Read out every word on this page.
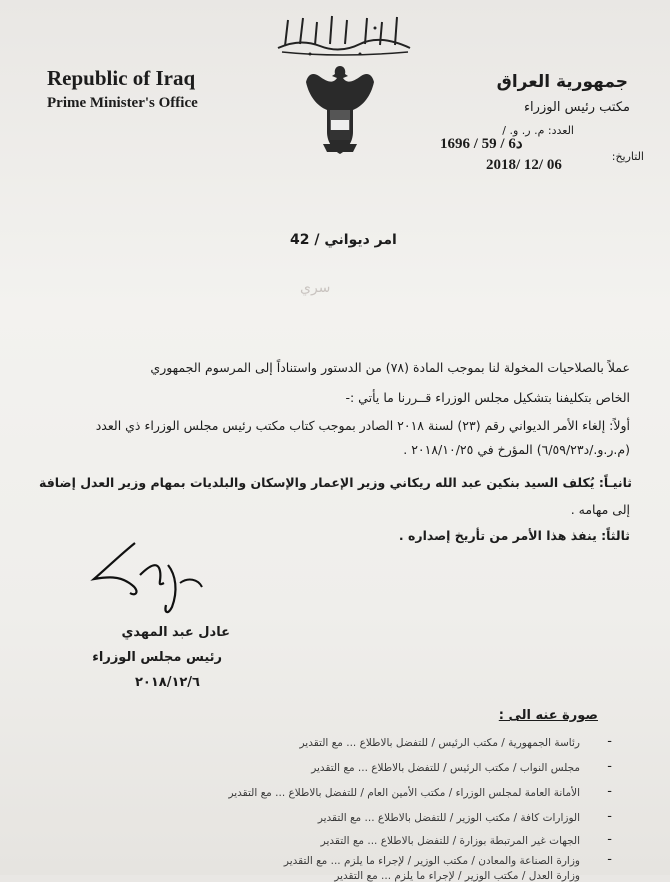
Republic of Iraq
Prime Minister's Office
جمهورية العراق
مكتب رئيس الوزراء
العدد: م. ر. و. /
1696 / 59 / 6د
التاريخ:
2018/ 12/ 06
امر ديواني / 42
سري
عملاً بالصلاحيات المخولة لنا بموجب المادة (٧٨) من الدستور واستناداً إلى المرسوم الجمهوري
الخاص بتكليفنا بتشكيل مجلس الوزراء قــررنا ما يأتي :-
أولاً: إلغاء الأمر الديواني رقم (٢٣) لسنة ٢٠١٨ الصادر بموجب كتاب مكتب رئيس مجلس الوزراء ذي العدد
(م.ر.و./د٦/٥٩/٢٣) المؤرخ في ٢٠١٨/١٠/٢٥ .
ثانيـاً: يُكلف السيد بنكين عبد الله ريكاني وزير الإعمار والإسكان والبلديات بمهام وزير العدل إضافة
إلى مهامه .
ثالثاً: ينفذ هذا الأمر من تأريخ إصداره .
عادل عبد المهدي
رئيس مجلس الوزراء
٢٠١٨/١٢/٦
صورة عنه الى :
رئاسة الجمهورية / مكتب الرئيس / للتفضل بالاطلاع ... مع التقدير
مجلس النواب / مكتب الرئيس / للتفضل بالاطلاع ... مع التقدير
الأمانة العامة لمجلس الوزراء / مكتب الأمين العام / للتفضل بالاطلاع ... مع التقدير
الوزارات كافة / مكتب الوزير / للتفضل بالاطلاع ... مع التقدير
الجهات غير المرتبطة بوزارة / للتفضل بالاطلاع ... مع التقدير
وزارة الصناعة والمعادن / مكتب الوزير / لإجراء ما يلزم ... مع التقدير
وزارة العدل / مكتب الوزير / لإجراء ما يلزم ... مع التقدير
-
-
-
-
-
-
